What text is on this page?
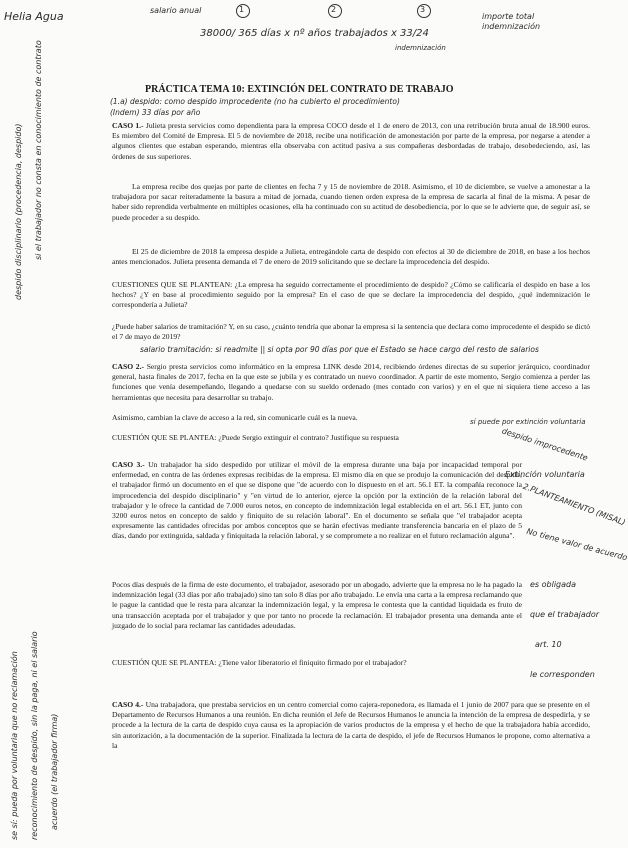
Helia Agua	salario anual	1	2	3
38000/ 365 días x nº años trabajados x 33/24
indemnización
importe total indemnización
PRÁCTICA TEMA 10: EXTINCIÓN DEL CONTRATO DE TRABAJO
(1.a) despido: como despido improcedente (no ha cubierto el procedimiento)
(Indem) 33 días por año
CASO 1.- Julieta presta servicios como dependienta para la empresa COCO desde el 1 de enero de 2013, con una retribución bruta anual de 18.900 euros. Es miembro del Comité de Empresa. El 5 de noviembre de 2018, recibe una notificación de amonestación por parte de la empresa, por negarse a atender a algunos clientes que estaban esperando, mientras ella observaba con actitud pasiva a sus compañeras desbordadas de trabajo, desobedeciendo, así, las órdenes de sus superiores.
La empresa recibe dos quejas por parte de clientes en fecha 7 y 15 de noviembre de 2018. Asimismo, el 10 de diciembre, se vuelve a amonestar a la trabajadora por sacar reiteradamente la basura a mitad de jornada, cuando tienen orden expresa de la empresa de sacarla al final de la misma. A pesar de haber sido reprendida verbalmente en múltiples ocasiones, ella ha continuado con su actitud de desobediencia, por lo que se le advierte que, de seguir así, se puede proceder a su despido.
El 25 de diciembre de 2018 la empresa despide a Julieta, entregándole carta de despido con efectos al 30 de diciembre de 2018, en base a los hechos antes mencionados. Julieta presenta demanda el 7 de enero de 2019 solicitando que se declare la improcedencia del despido.
CUESTIONES QUE SE PLANTEAN: ¿La empresa ha seguido correctamente el procedimiento de despido? ¿Cómo se calificaría el despido en base a los hechos? ¿Y en base al procedimiento seguido por la empresa? En el caso de que se declare la improcedencia del despido, ¿qué indemnización le correspondería a Julieta?
¿Puede haber salarios de tramitación? Y, en su caso, ¿cuánto tendría que abonar la empresa si la sentencia que declara como improcedente el despido se dictó el 7 de mayo de 2019?
salario tramitación: si readmite || si opta por 90 días por que el Estado se hace cargo del resto de salarios
CASO 2.- Sergio presta servicios como informático en la empresa LINK desde 2014, recibiendo órdenes directas de su superior jerárquico, coordinador general, hasta finales de 2017, fecha en la que este se jubila y es contratado un nuevo coordinador. A partir de este momento, Sergio comienza a perder las funciones que venía desempeñando, llegando a quedarse con su sueldo ordenado (mes contado con varios) y en el que ni siquiera tiene acceso a las herramientas que necesita para desarrollar su trabajo.
Asimismo, cambian la clave de acceso a la red, sin comunicarle cuál es la nueva.
CUESTIÓN QUE SE PLANTEA: ¿Puede Sergio extinguir el contrato? Justifique su respuesta
sí puede por extinción voluntaria
CASO 3.- Un trabajador ha sido despedido por utilizar el móvil de la empresa durante una baja por incapacidad temporal por enfermedad, en contra de las órdenes expresas recibidas de la empresa. El mismo día en que se produjo la comunicación del despido, el trabajador firmó un documento en el que se dispone que "de acuerdo con lo dispuesto en el art. 56.1 ET. la compañía reconoce la improcedencia del despido disciplinario" y "en virtud de lo anterior, ejerce la opción por la extinción de la relación laboral del trabajador y le ofrece la cantidad de 7.000 euros netos, en concepto de indemnización legal establecida en el art. 56.1 ET, junto con 3200 euros netos en concepto de saldo y finiquito de su relación laboral". En el documento se señala que "el trabajador acepta expresamente las cantidades ofrecidas por ambos conceptos que se harán efectivas mediante transferencia bancaria en el plazo de 5 días, dando por extinguida, saldada y finiquitada la relación laboral, y se compromete a no realizar en el futuro reclamación alguna".
Pocos días después de la firma de este documento, el trabajador, asesorado por un abogado, advierte que la empresa no le ha pagado la indemnización legal (33 días por año trabajado) sino tan solo 8 días por año trabajado. Le envía una carta a la empresa reclamando que le pague la cantidad que le resta para alcanzar la indemnización legal, y la empresa le contesta que la cantidad liquidada es fruto de una transacción aceptada por el trabajador y que por tanto no procede la reclamación. El trabajador presenta una demanda ante el juzgado de lo social para reclamar las cantidades adeudadas.
CUESTIÓN QUE SE PLANTEA: ¿Tiene valor liberatorio el finiquito firmado por el trabajador?
CASO 4.- Una trabajadora, que prestaba servicios en un centro comercial como cajera-reponedora, es llamada el 1 junio de 2007 para que se presente en el Departamento de Recursos Humanos a una reunión. En dicha reunión el Jefe de Recursos Humanos le anuncia la intención de la empresa de despedirla, y se procede a la lectura de la carta de despido cuya causa es la apropiación de varios productos de la empresa y el hecho de que la trabajadora había accedido, sin autorización, a la documentación de la superior. Finalizada la lectura de la carta de despido, el jefe de Recursos Humanos le propone, como alternativa a la
despido disciplinario (procedencia, despido) si el trabajador no consta en conocimiento de contrato
se sí: pueda por voluntaria que no reclamación reconocimiento de despido, sin la paga, ni el salario acuerdo (el trabajador firma)
despido improcedente
Extinción voluntaria
2.PLANTEAMIENTO (MISAL)
No tiene valor de acuerdo
es obligada
que el trabajador
art. 10
le corresponden
